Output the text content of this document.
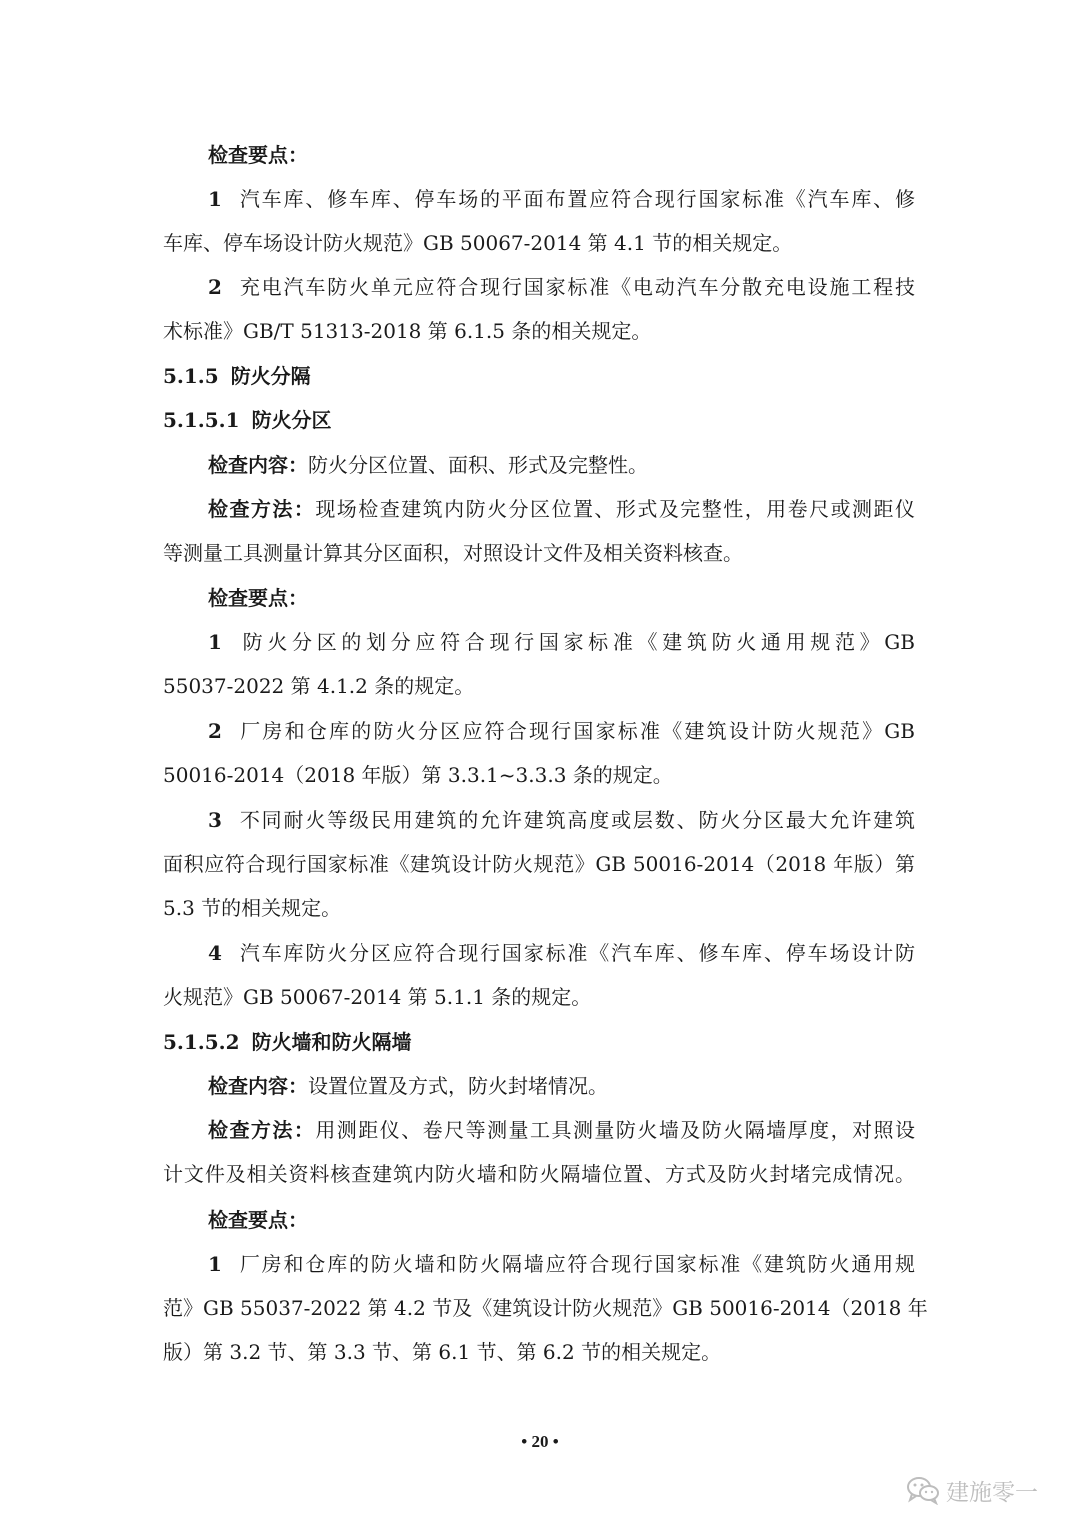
检查要点：
1 汽车库、修车库、停车场的平面布置应符合现行国家标准《汽车库、修
车库、停车场设计防火规范》GB 50067-2014 第 4.1 节的相关规定。
2 充电汽车防火单元应符合现行国家标准《电动汽车分散充电设施工程技
术标准》GB/T 51313-2018 第 6.1.5 条的相关规定。
5.1.5 防火分隔
5.1.5.1 防火分区
检查内容：防火分区位置、面积、形式及完整性。
检查方法：现场检查建筑内防火分区位置、形式及完整性，用卷尺或测距仪
等测量工具测量计算其分区面积，对照设计文件及相关资料核查。
检查要点：
1 防火分区的划分应符合现行国家标准《建筑防火通用规范》GB
55037-2022 第 4.1.2 条的规定。
2 厂房和仓库的防火分区应符合现行国家标准《建筑设计防火规范》GB
50016-2014（2018 年版）第 3.3.1~3.3.3 条的规定。
3 不同耐火等级民用建筑的允许建筑高度或层数、防火分区最大允许建筑
面积应符合现行国家标准《建筑设计防火规范》GB 50016-2014（2018 年版）第
5.3 节的相关规定。
4 汽车库防火分区应符合现行国家标准《汽车库、修车库、停车场设计防
火规范》GB 50067-2014 第 5.1.1 条的规定。
5.1.5.2 防火墙和防火隔墙
检查内容：设置位置及方式，防火封堵情况。
检查方法：用测距仪、卷尺等测量工具测量防火墙及防火隔墙厚度，对照设
计文件及相关资料核查建筑内防火墙和防火隔墙位置、方式及防火封堵完成情况。
检查要点：
1 厂房和仓库的防火墙和防火隔墙应符合现行国家标准《建筑防火通用规
范》GB 55037-2022 第 4.2 节及《建筑设计防火规范》GB 50016-2014（2018 年
版）第 3.2 节、第 3.3 节、第 6.1 节、第 6.2 节的相关规定。
• 20 •
建施零一
